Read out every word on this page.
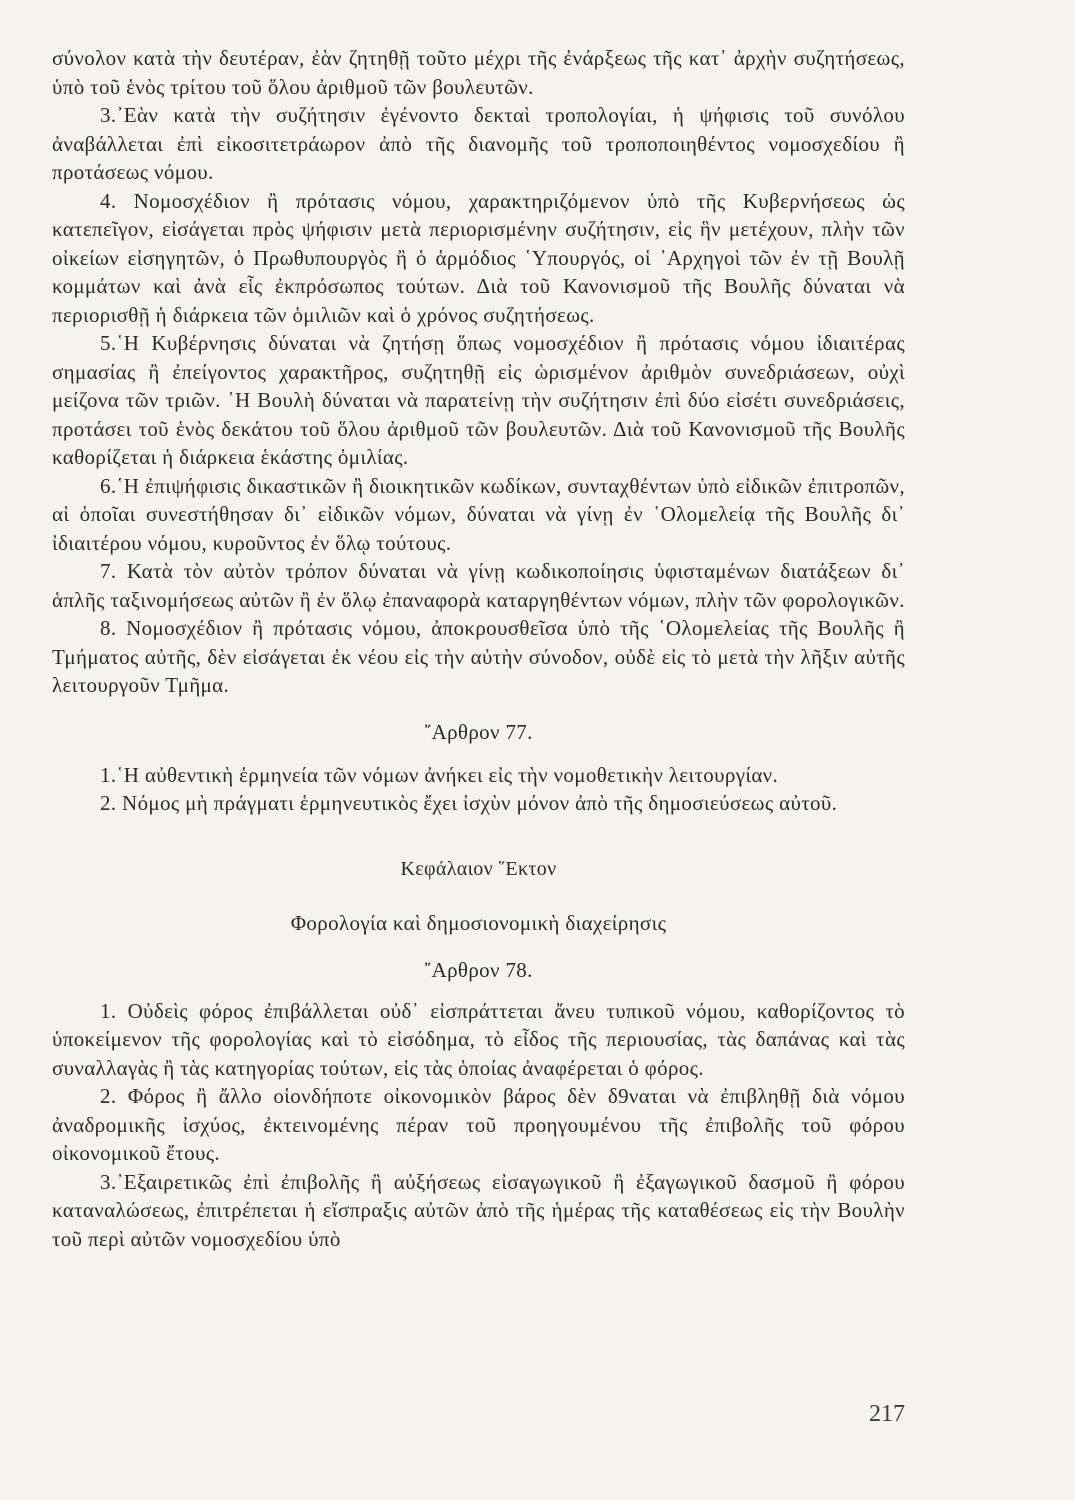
σύνολον κατὰ τὴν δευτέραν, ἐὰν ζητηθῇ τοῦτο μέχρι τῆς ἐνάρξεως τῆς κατ᾽ ἀρχὴν συζητήσεως, ὑπὸ τοῦ ἑνὸς τρίτου τοῦ ὅλου ἀριθμοῦ τῶν βουλευτῶν.

3.᾽Εὰν κατὰ τὴν συζήτησιν ἐγένοντο δεκταὶ τροπολογίαι, ἡ ψήφισις τοῦ συνόλου ἀναβάλλεται ἐπὶ εἰκοσιτετράωρον ἀπὸ τῆς διανομῆς τοῦ τροποποιηθέντος νομοσχεδίου ἢ προτάσεως νόμου.

4. Νομοσχέδιον ἢ πρότασις νόμου, χαρακτηριζόμενον ὑπὸ τῆς Κυβερνήσεως ὡς κατεπεῖγον, εἰσάγεται πρὸς ψήφισιν μετὰ περιορισμένην συζήτησιν, εἰς ἣν μετέχουν, πλὴν τῶν οἰκείων εἰσηγητῶν, ὁ Πρωθυπουργὸς ἢ ὁ ἁρμόδιος ῾Υπουργός, οἱ ᾽Αρχηγοὶ τῶν ἐν τῇ Βουλῇ κομμάτων καὶ ἀνὰ εἷς ἐκπρόσωπος τούτων. Διὰ τοῦ Κανονισμοῦ τῆς Βουλῆς δύναται νὰ περιορισθῇ ἡ διάρκεια τῶν ὁμιλιῶν καὶ ὁ χρόνος συζητήσεως.

5.῾Η Κυβέρνησις δύναται νὰ ζητήσῃ ὅπως νομοσχέδιον ἢ πρότασις νόμου ἰδιαιτέρας σημασίας ἢ ἐπείγοντος χαρακτῆρος, συζητηθῇ εἰς ὡρισμένον ἀριθμὸν συνεδριάσεων, οὐχὶ μείζονα τῶν τριῶν. ῾Η Βουλὴ δύναται νὰ παρατείνῃ τὴν συζήτησιν ἐπὶ δύο εἰσέτι συνεδριάσεις, προτάσει τοῦ ἑνὸς δεκάτου τοῦ ὅλου ἀριθμοῦ τῶν βουλευτῶν. Διὰ τοῦ Κανονισμοῦ τῆς Βουλῆς καθορίζεται ἡ διάρκεια ἑκάστης ὁμιλίας.

6.῾Η ἐπιψήφισις δικαστικῶν ἢ διοικητικῶν κωδίκων, συνταχθέντων ὑπὸ εἰδικῶν ἐπιτροπῶν, αἱ ὁποῖαι συνεστήθησαν δι᾽ εἰδικῶν νόμων, δύναται νὰ γίνῃ ἐν ῾Ολομελείᾳ τῆς Βουλῆς δι᾽ ἰδιαιτέρου νόμου, κυροῦντος ἐν ὅλῳ τούτους.

7. Κατὰ τὸν αὐτὸν τρόπον δύναται νὰ γίνῃ κωδικοποίησις ὑφισταμένων διατάξεων δι᾽ ἁπλῆς ταξινομήσεως αὐτῶν ἢ ἐν ὅλῳ ἐπαναφορὰ καταργηθέντων νόμων, πλὴν τῶν φορολογικῶν.

8. Νομοσχέδιον ἢ πρότασις νόμου, ἀποκρουσθεῖσα ὑπὸ τῆς ῾Ολομελείας τῆς Βουλῆς ἢ Τμήματος αὐτῆς, δὲν εἰσάγεται ἐκ νέου εἰς τὴν αὐτὴν σύνοδον, οὐδὲ εἰς τὸ μετὰ τὴν λῆξιν αὐτῆς λειτουργοῦν Τμῆμα.

῎Αρθρον 77.

1.῾Η αὐθεντικὴ ἑρμηνεία τῶν νόμων ἀνήκει εἰς τὴν νομοθετικὴν λειτουργίαν.

2. Νόμος μὴ πράγματι ἑρμηνευτικὸς ἔχει ἰσχὺν μόνον ἀπὸ τῆς δημοσιεύσεως αὐτοῦ.

Κεφάλαιον ῞Εκτον

Φορολογία καὶ δημοσιονομικὴ διαχείρησις

῎Αρθρον 78.

1. Οὐδεὶς φόρος ἐπιβάλλεται οὐδ᾽ εἰσπράττεται ἄνευ τυπικοῦ νόμου, καθορίζοντος τὸ ὑποκείμενον τῆς φορολογίας καὶ τὸ εἰσόδημα, τὸ εἶδος τῆς περιουσίας, τὰς δαπάνας καὶ τὰς συναλλαγὰς ἢ τὰς κατηγορίας τούτων, εἰς τὰς ὁποίας ἀναφέρεται ὁ φόρος.

2. Φόρος ἢ ἄλλο οἱονδήποτε οἰκονομικὸν βάρος δὲν δ9ναται νὰ ἐπιβληθῇ διὰ νόμου ἀναδρομικῆς ἰσχύος, ἐκτεινομένης πέραν τοῦ προηγουμένου τῆς ἐπιβολῆς τοῦ φόρου οἰκονομικοῦ ἔτους.

3.᾽Εξαιρετικῶς ἐπὶ ἐπιβολῆς ἢ αὐξήσεως εἰσαγωγικοῦ ἢ ἐξαγωγικοῦ δασμοῦ ἢ φόρου καταναλώσεως, ἐπιτρέπεται ἡ εἴσπραξις αὐτῶν ἀπὸ τῆς ἡμέρας τῆς καταθέσεως εἰς τὴν Βουλὴν τοῦ περὶ αὐτῶν νομοσχεδίου ὑπὸ

217
